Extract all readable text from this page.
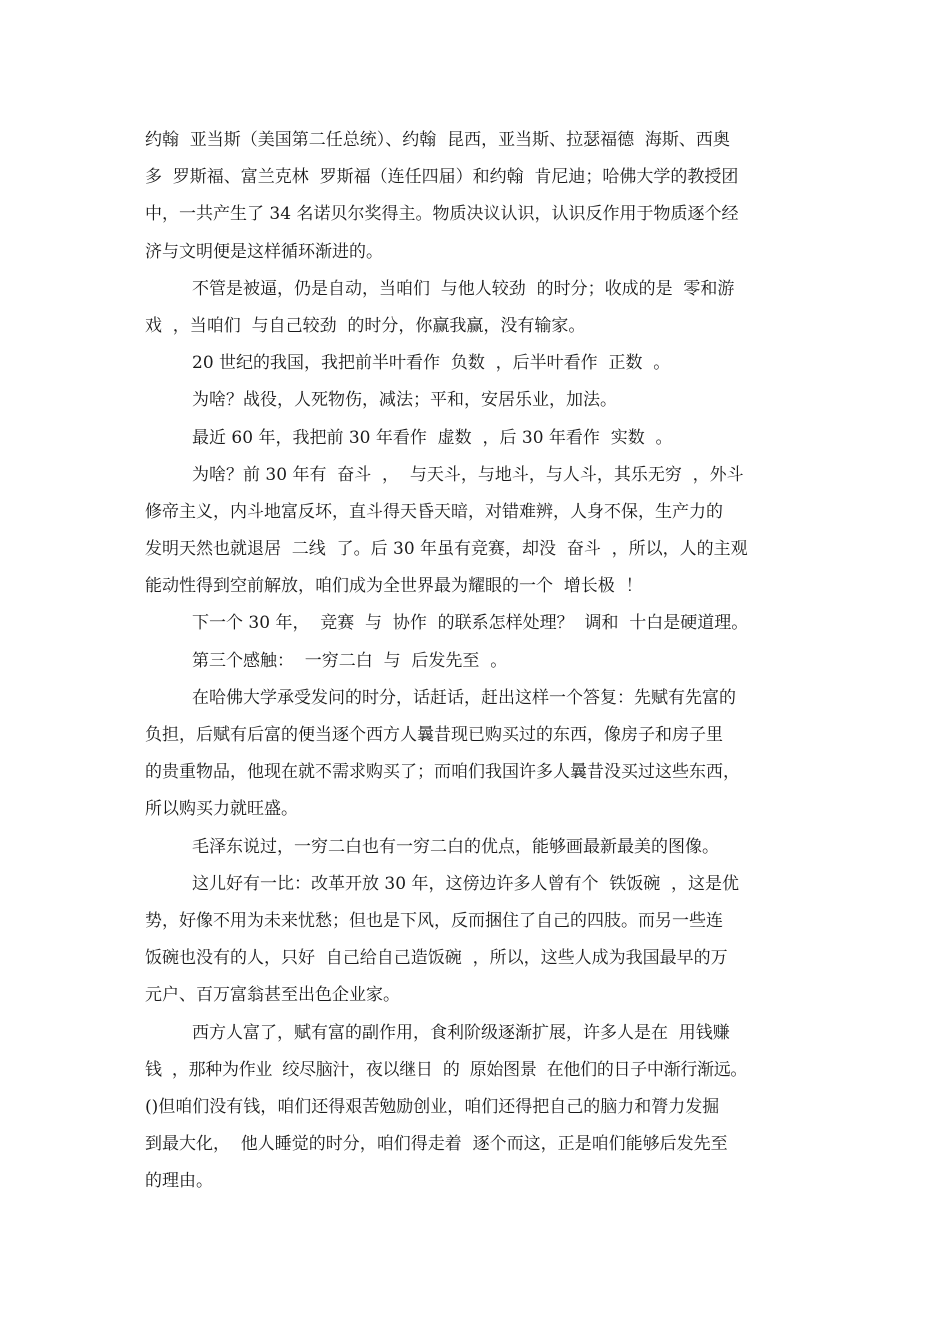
约翰  亚当斯（美国第二任总统）、约翰  昆西，亚当斯、拉瑟福德  海斯、西奥
多  罗斯福、富兰克林  罗斯福（连任四届）和约翰  肯尼迪；哈佛大学的教授团
中，一共产生了 34 名诺贝尔奖得主。物质决议认识，认识反作用于物质逐个经
济与文明便是这样循环渐进的。
不管是被逼，仍是自动，当咱们  与他人较劲  的时分；收成的是  零和游
戏  ，当咱们  与自己较劲  的时分，你赢我赢，没有输家。
20 世纪的我国，我把前半叶看作  负数  ，后半叶看作  正数  。
为啥？战役，人死物伤，减法；平和，安居乐业，加法。
最近 60 年，我把前 30 年看作  虚数  ，后 30 年看作  实数  。
为啥？前 30 年有  奋斗  ，  与天斗，与地斗，与人斗，其乐无穷  ，外斗
修帝主义，内斗地富反坏，直斗得天昏天暗，对错难辨，人身不保，生产力的
发明天然也就退居  二线  了。后 30 年虽有竞赛，却没  奋斗  ，所以，人的主观
能动性得到空前解放，咱们成为全世界最为耀眼的一个  增长极  ！
下一个 30 年，  竞赛  与  协作  的联系怎样处理？  调和  十白是硬道理。
第三个感触：  一穷二白  与  后发先至  。
在哈佛大学承受发问的时分，话赶话，赶出这样一个答复：先赋有先富的
负担，后赋有后富的便当逐个西方人曩昔现已购买过的东西，像房子和房子里
的贵重物品，他现在就不需求购买了；而咱们我国许多人曩昔没买过这些东西，
所以购买力就旺盛。
毛泽东说过，一穷二白也有一穷二白的优点，能够画最新最美的图像。
这儿好有一比：改革开放 30 年，这傍边许多人曾有个  铁饭碗  ，这是优
势，好像不用为未来忧愁；但也是下风，反而捆住了自己的四肢。而另一些连
饭碗也没有的人，只好  自己给自己造饭碗  ，所以，这些人成为我国最早的万
元户、百万富翁甚至出色企业家。
西方人富了，赋有富的副作用，食利阶级逐渐扩展，许多人是在  用钱赚
钱  ，那种为作业  绞尽脑汁，夜以继日  的  原始图景  在他们的日子中渐行渐远。
()但咱们没有钱，咱们还得艰苦勉励创业，咱们还得把自己的脑力和膂力发掘
到最大化，  他人睡觉的时分，咱们得走着  逐个而这，正是咱们能够后发先至
的理由。
